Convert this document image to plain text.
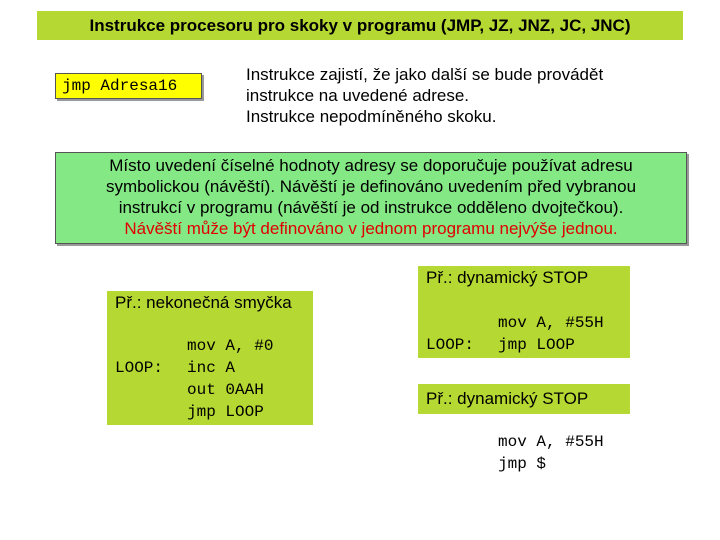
Instrukce procesoru pro skoky v programu (JMP, JZ, JNZ, JC, JNC)
jmp Adresa16
Instrukce zajistí, že jako další se bude provádět
instrukce na uvedené adrese.
Instrukce nepodmíněného skoku.
Místo uvedení číselné hodnoty adresy se doporučuje používat adresu
symbolickou (návěští). Návěští je definováno uvedením před vybranou
instrukcí v programu (návěští je od instrukce odděleno dvojtečkou).
Návěští může být definováno v jednom programu nejvýše jednou.
Př.: nekonečná smyčka

LOOP:
mov A, #0
inc A
out 0AAH
jmp LOOP
Př.: dynamický STOP

LOOP:
mov A, #55H
jmp LOOP
Př.: dynamický STOP
mov A, #55H
jmp $
